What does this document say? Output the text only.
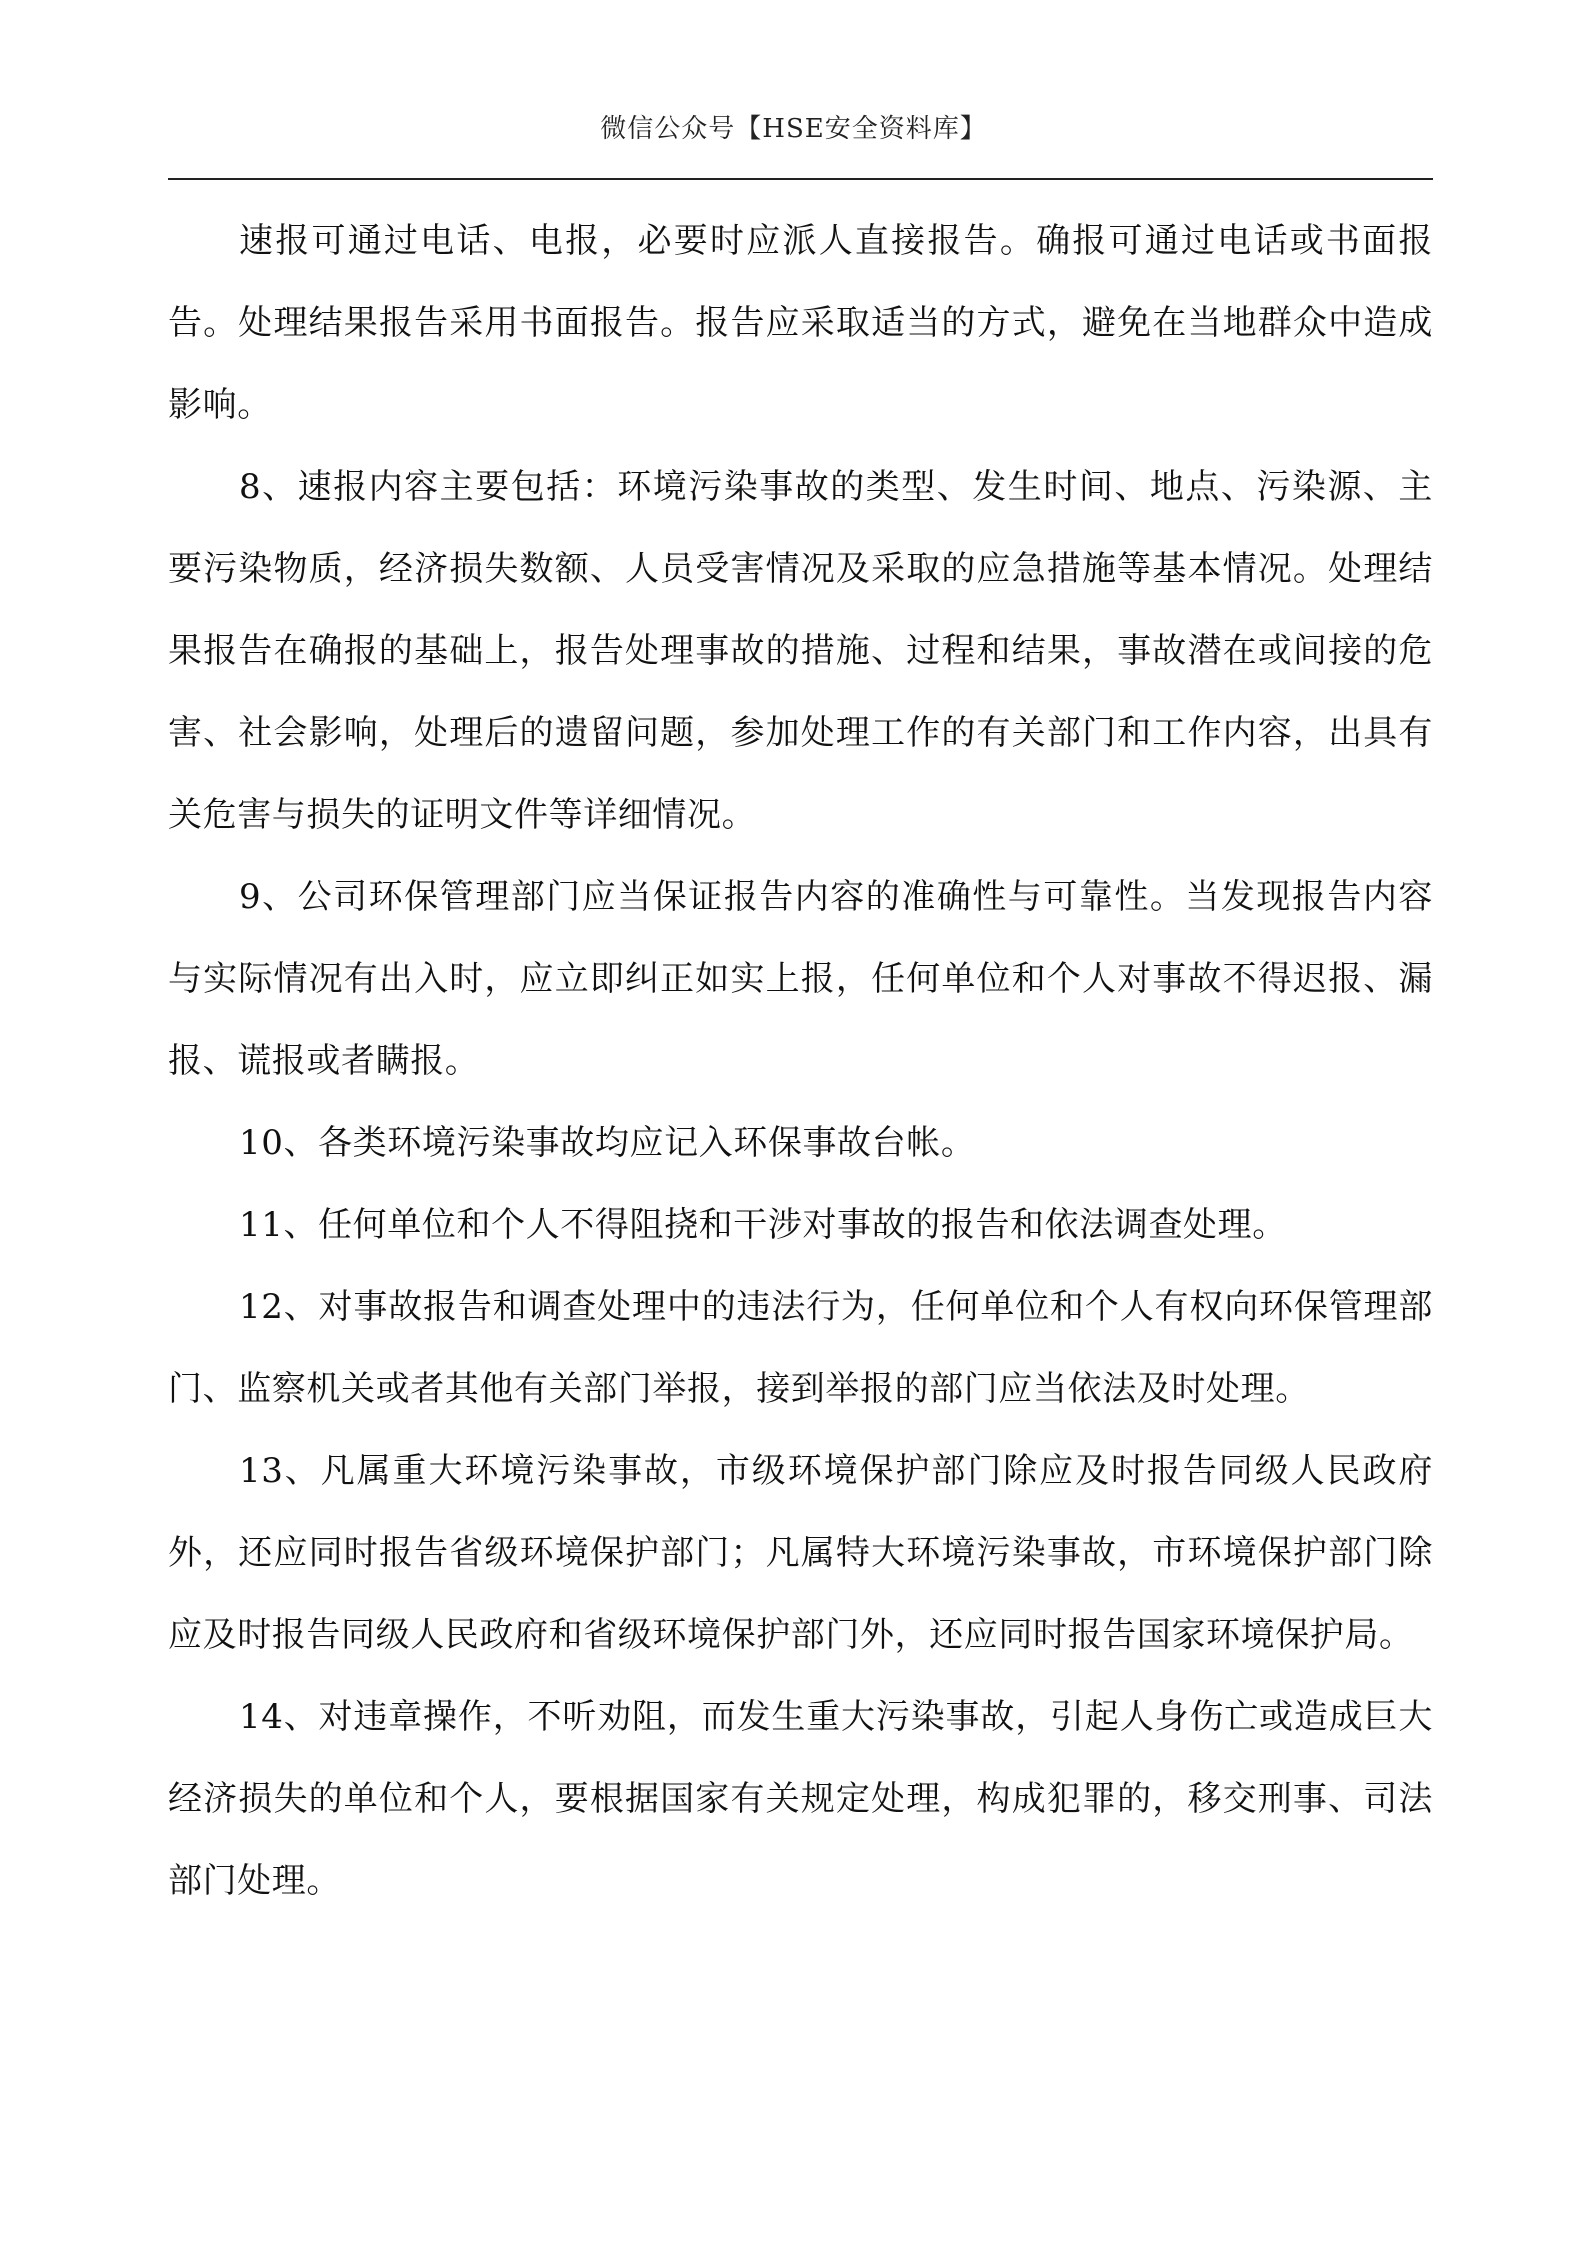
微信公众号【HSE安全资料库】

速报可通过电话、电报，必要时应派人直接报告。确报可通过电话或书面报告。处理结果报告采用书面报告。报告应采取适当的方式，避免在当地群众中造成影响。

8、速报内容主要包括：环境污染事故的类型、发生时间、地点、污染源、主要污染物质，经济损失数额、人员受害情况及采取的应急措施等基本情况。处理结果报告在确报的基础上，报告处理事故的措施、过程和结果，事故潜在或间接的危害、社会影响，处理后的遗留问题，参加处理工作的有关部门和工作内容，出具有关危害与损失的证明文件等详细情况。

9、公司环保管理部门应当保证报告内容的准确性与可靠性。当发现报告内容与实际情况有出入时，应立即纠正如实上报，任何单位和个人对事故不得迟报、漏报、谎报或者瞒报。

10、各类环境污染事故均应记入环保事故台帐。

11、任何单位和个人不得阻挠和干涉对事故的报告和依法调查处理。

12、对事故报告和调查处理中的违法行为，任何单位和个人有权向环保管理部门、监察机关或者其他有关部门举报，接到举报的部门应当依法及时处理。

13、凡属重大环境污染事故，市级环境保护部门除应及时报告同级人民政府外，还应同时报告省级环境保护部门；凡属特大环境污染事故，市环境保护部门除应及时报告同级人民政府和省级环境保护部门外，还应同时报告国家环境保护局。

14、对违章操作，不听劝阻，而发生重大污染事故，引起人身伤亡或造成巨大经济损失的单位和个人，要根据国家有关规定处理，构成犯罪的，移交刑事、司法部门处理。
